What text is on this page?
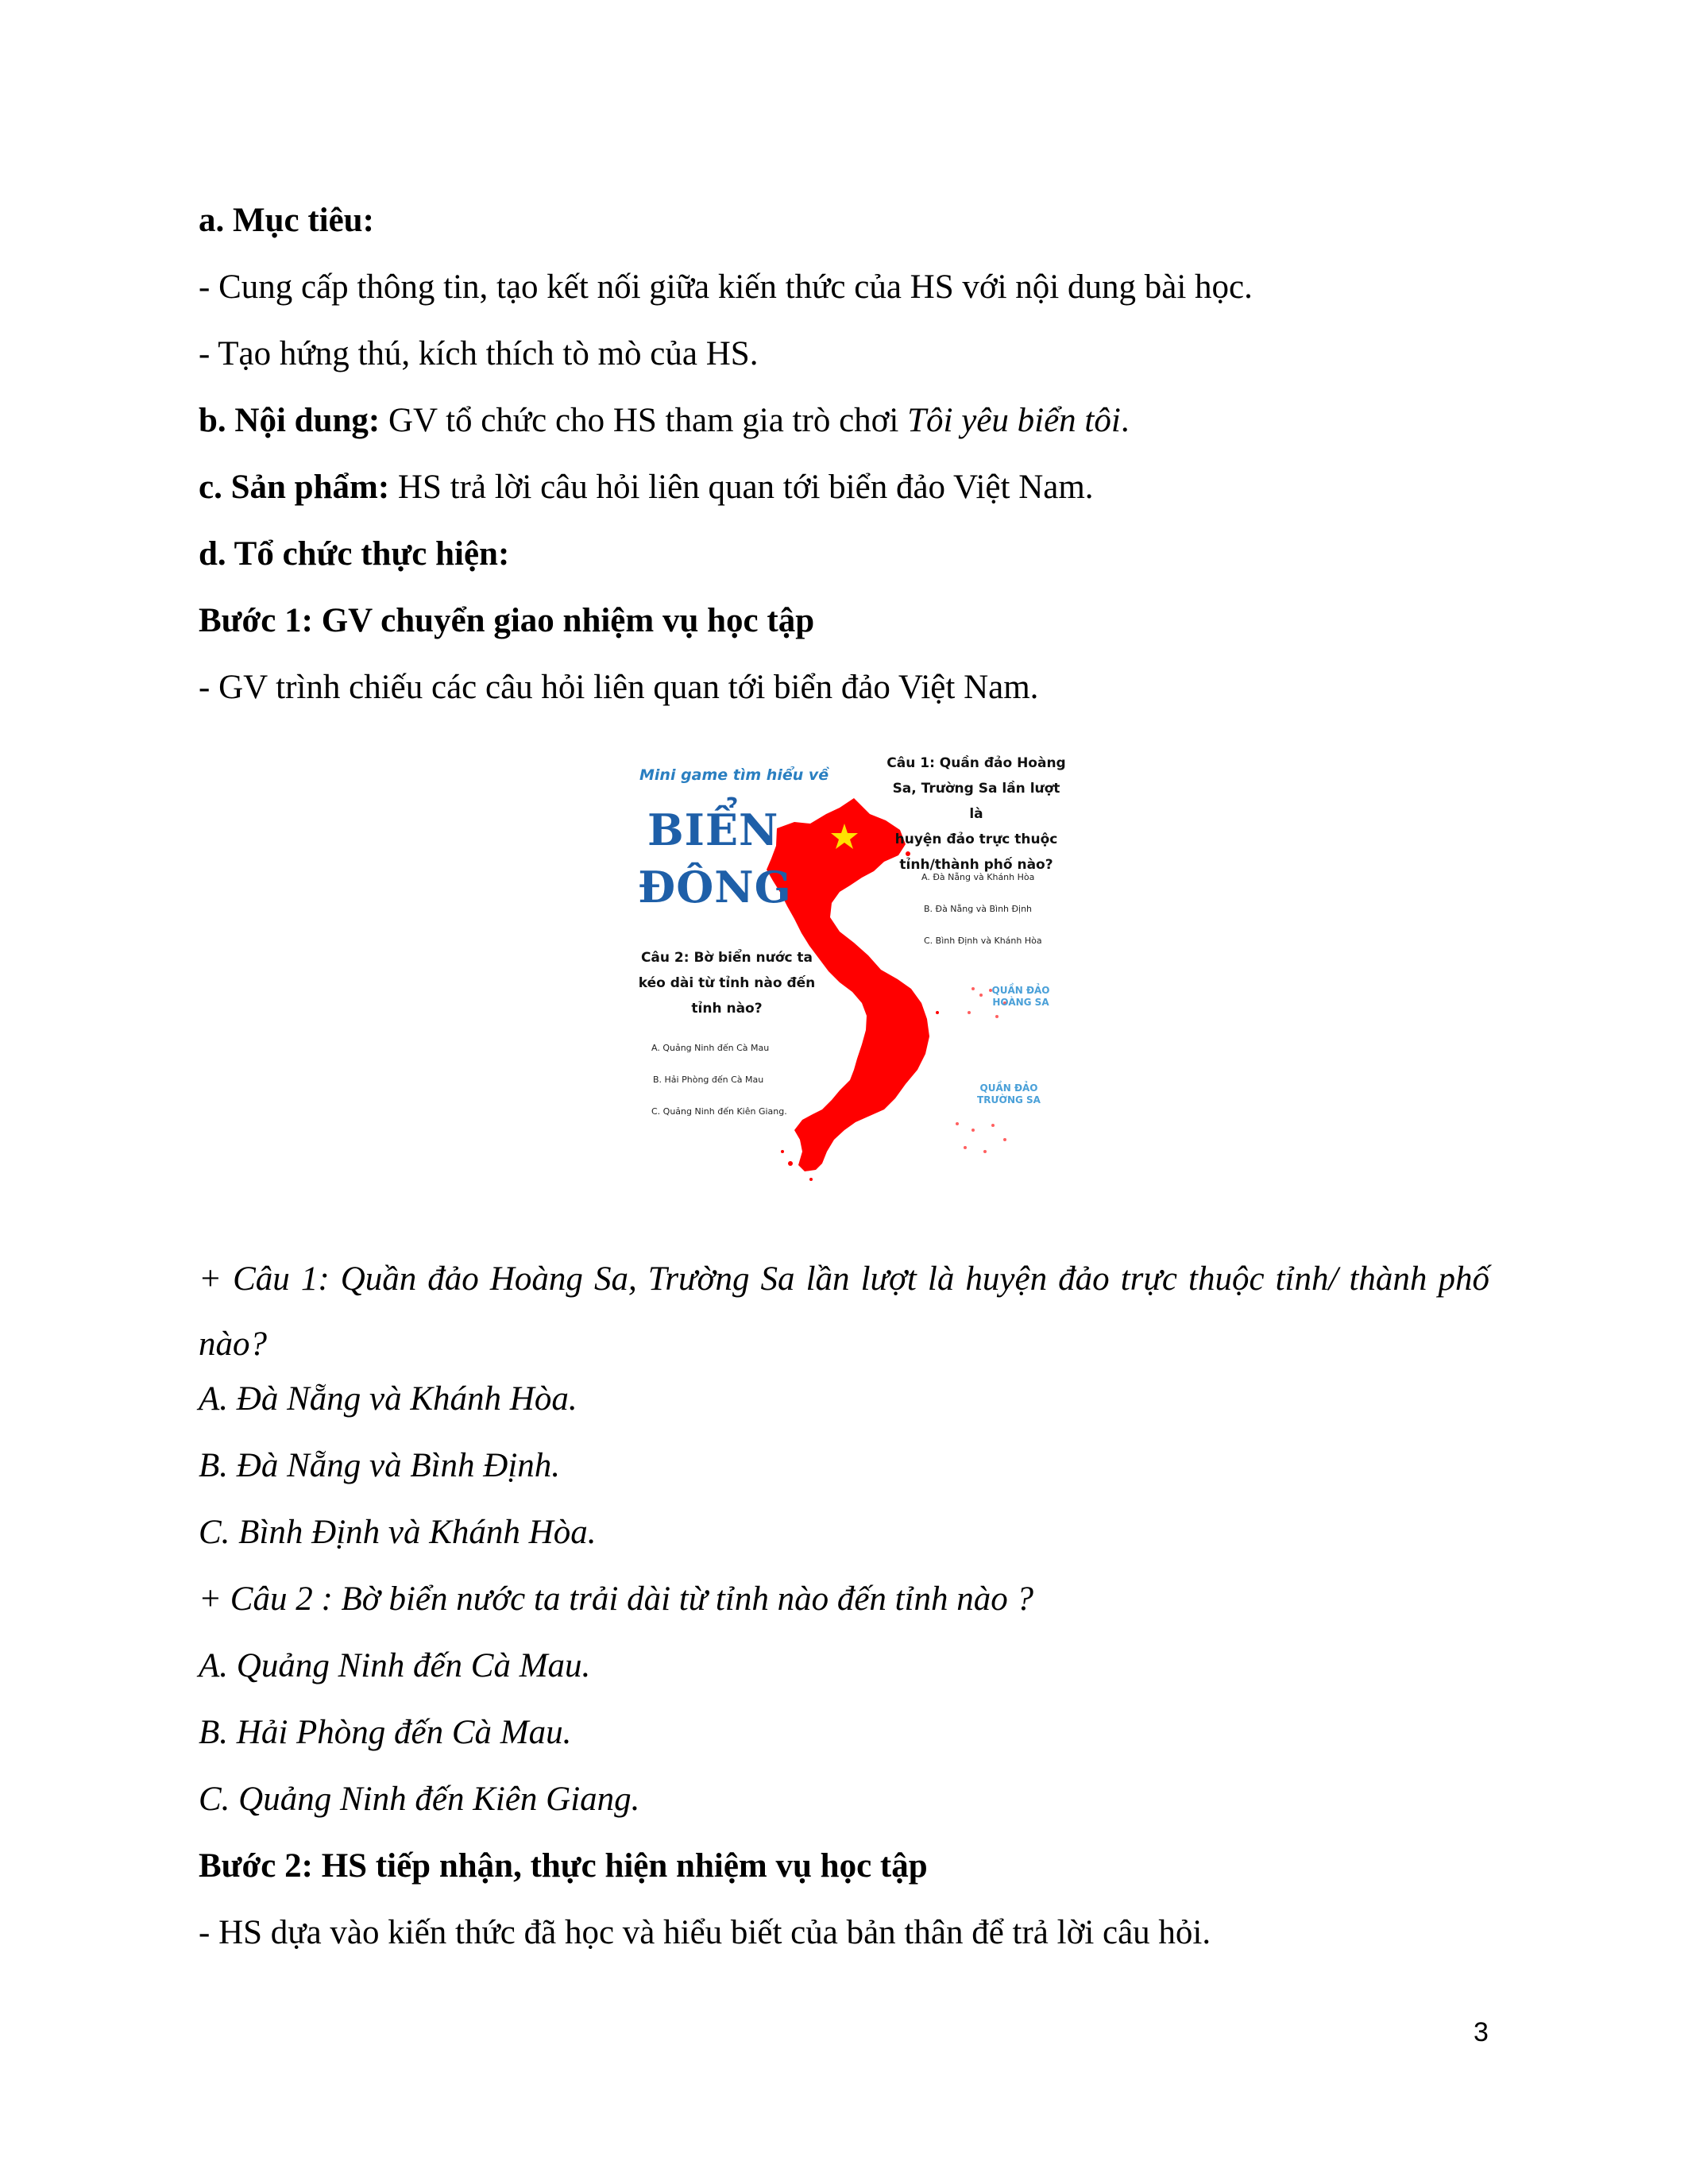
a. Mục tiêu:
- Cung cấp thông tin, tạo kết nối giữa kiến thức của HS với nội dung bài học.
- Tạo hứng thú, kích thích tò mò của HS.
b. Nội dung: GV tổ chức cho HS tham gia trò chơi Tôi yêu biển tôi.
c. Sản phẩm: HS trả lời câu hỏi liên quan tới biển đảo Việt Nam.
d. Tổ chức thực hiện:
Bước 1: GV chuyển giao nhiệm vụ học tập
- GV trình chiếu các câu hỏi liên quan tới biển đảo Việt Nam.
Mini game tìm hiểu về
BIỂN
ĐÔNG
Câu 1: Quần đảo Hoàng
Sa, Trường Sa lần lượt là
huyện đảo trực thuộc
tỉnh/thành phố nào?
A. Đà Nẵng và Khánh Hòa
B. Đà Nẵng và Bình Định
C. Bình Định và Khánh Hòa
Câu 2: Bờ biển nước ta
kéo dài từ tỉnh nào đến
tỉnh nào?
A. Quảng Ninh đến Cà Mau
B. Hải Phòng đến Cà Mau
C. Quảng Ninh đến Kiên Giang.
QUẦN ĐẢO
HOÀNG SA
QUẦN ĐẢO
TRƯỜNG SA
+ Câu 1: Quần đảo Hoàng Sa, Trường Sa lần lượt là huyện đảo trực thuộc tỉnh/ thành phố nào?
A. Đà Nẵng và Khánh Hòa.
B. Đà Nẵng và Bình Định.
C. Bình Định và Khánh Hòa.
+ Câu 2 : Bờ biển nước ta trải dài từ tỉnh nào đến tỉnh nào ?
A. Quảng Ninh đến Cà Mau.
B. Hải Phòng đến Cà Mau.
C. Quảng Ninh đến Kiên Giang.
Bước 2: HS tiếp nhận, thực hiện nhiệm vụ học tập
- HS dựa vào kiến thức đã học và hiểu biết của bản thân để trả lời câu hỏi.
3
